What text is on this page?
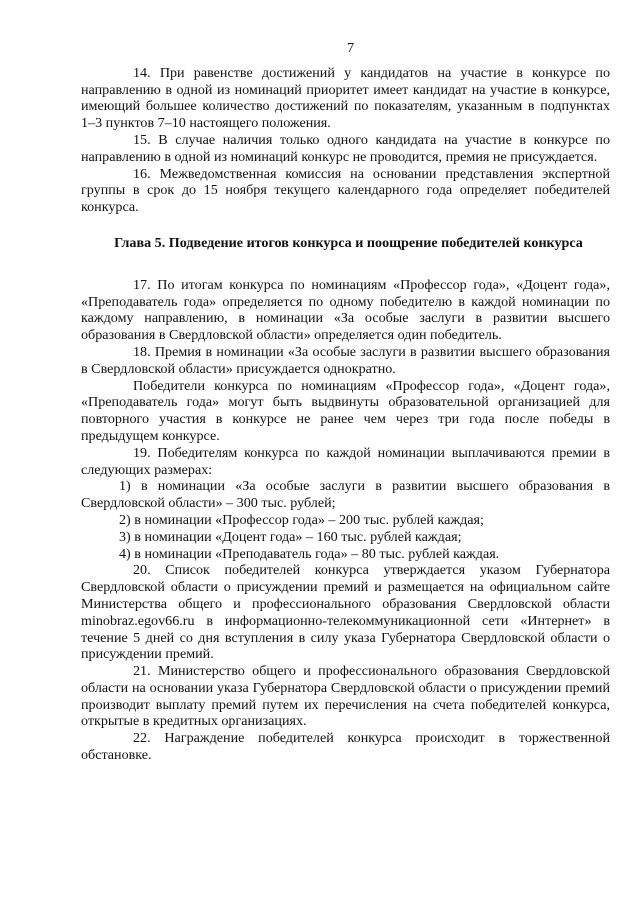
7

14. При равенстве достижений у кандидатов на участие в конкурсе по направлению в одной из номинаций приоритет имеет кандидат на участие в конкурсе, имеющий большее количество достижений по показателям, указанным в подпунктах 1–3 пунктов 7–10 настоящего положения.

15. В случае наличия только одного кандидата на участие в конкурсе по направлению в одной из номинаций конкурс не проводится, премия не присуждается.

16. Межведомственная комиссия на основании представления экспертной группы в срок до 15 ноября текущего календарного года определяет победителей конкурса.

Глава 5. Подведение итогов конкурса и поощрение победителей конкурса

17. По итогам конкурса по номинациям «Профессор года», «Доцент года», «Преподаватель года» определяется по одному победителю в каждой номинации по каждому направлению, в номинации «За особые заслуги в развитии высшего образования в Свердловской области» определяется один победитель.

18. Премия в номинации «За особые заслуги в развитии высшего образования в Свердловской области» присуждается однократно.

Победители конкурса по номинациям «Профессор года», «Доцент года», «Преподаватель года» могут быть выдвинуты образовательной организацией для повторного участия в конкурсе не ранее чем через три года после победы в предыдущем конкурсе.

19. Победителям конкурса по каждой номинации выплачиваются премии в следующих размерах:

1) в номинации «За особые заслуги в развитии высшего образования в Свердловской области» – 300 тыс. рублей;

2) в номинации «Профессор года» – 200 тыс. рублей каждая;

3) в номинации «Доцент года» – 160 тыс. рублей каждая;

4) в номинации «Преподаватель года» – 80 тыс. рублей каждая.

20. Список победителей конкурса утверждается указом Губернатора Свердловской области о присуждении премий и размещается на официальном сайте Министерства общего и профессионального образования Свердловской области minobraz.egov66.ru в информационно-телекоммуникационной сети «Интернет» в течение 5 дней со дня вступления в силу указа Губернатора Свердловской области о присуждении премий.

21. Министерство общего и профессионального образования Свердловской области на основании указа Губернатора Свердловской области о присуждении премий производит выплату премий путем их перечисления на счета победителей конкурса, открытые в кредитных организациях.

22. Награждение победителей конкурса происходит в торжественной обстановке.
